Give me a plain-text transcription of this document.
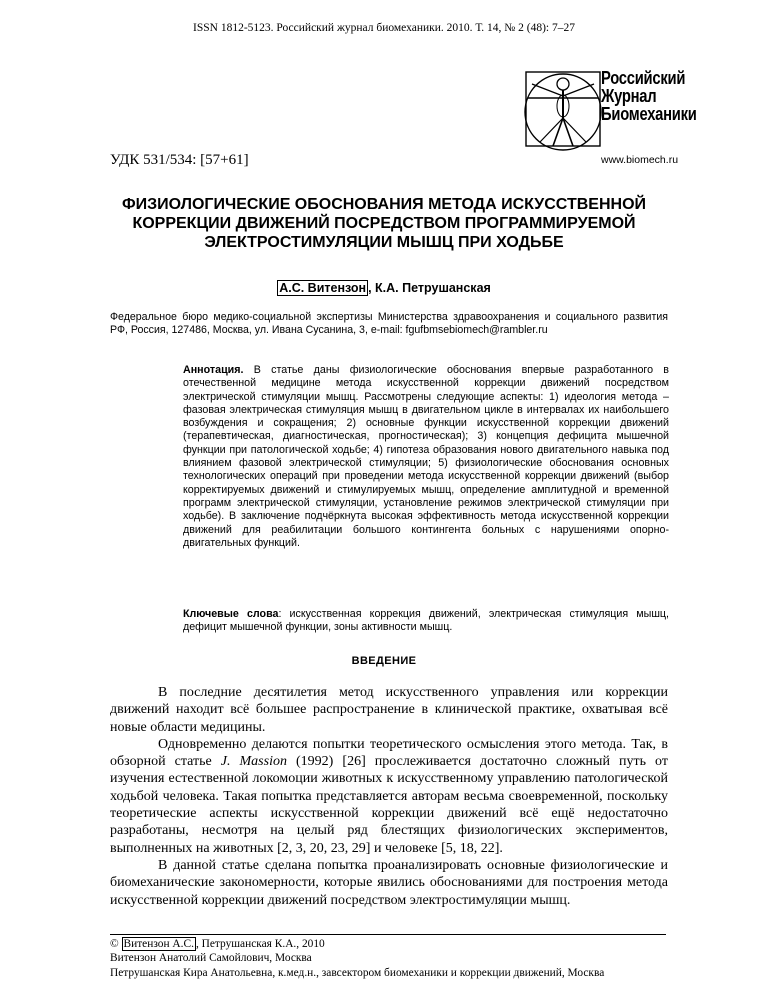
ISSN 1812-5123. Российский журнал биомеханики. 2010. Т. 14, № 2 (48): 7–27
Российский
Журнал
Биомеханики
www.biomech.ru
УДК 531/534: [57+61]
ФИЗИОЛОГИЧЕСКИЕ ОБОСНОВАНИЯ МЕТОДА ИСКУССТВЕННОЙ
КОРРЕКЦИИ ДВИЖЕНИЙ ПОСРЕДСТВОМ ПРОГРАММИРУЕМОЙ
ЭЛЕКТРОСТИМУЛЯЦИИ МЫШЦ ПРИ ХОДЬБЕ
А.С. Витензон , К.А. Петрушанская
Федеральное бюро медико-социальной экспертизы Министерства здравоохранения и социального развития РФ, Россия, 127486, Москва, ул. Ивана Сусанина, 3, e-mail: fgufbmsebiomech@rambler.ru
Аннотация. В статье даны физиологические обоснования впервые разработанного в отечественной медицине метода искусственной коррекции движений посредством электрической стимуляции мышц. Рассмотрены следующие аспекты: 1) идеология метода – фазовая электрическая стимуляция мышц в двигательном цикле в интервалах их наибольшего возбуждения и сокращения; 2) основные функции искусственной коррекции движений (терапевтическая, диагностическая, прогностическая); 3) концепция дефицита мышечной функции при патологической ходьбе; 4) гипотеза образования нового двигательного навыка под влиянием фазовой электрической стимуляции; 5) физиологические обоснования основных технологических операций при проведении метода искусственной коррекции движений (выбор корректируемых движений и стимулируемых мышц, определение амплитудной и временной программ электрической стимуляции, установление режимов электрической стимуляции при ходьбе). В заключение подчёркнута высокая эффективность метода искусственной коррекции движений для реабилитации большого контингента больных с нарушениями опорно-двигательных функций.
Ключевые слова: искусственная коррекция движений, электрическая стимуляция мышц, дефицит мышечной функции, зоны активности мышц.
ВВЕДЕНИЕ

В последние десятилетия метод искусственного управления или коррекции движений находит всё большее распространение в клинической практике, охватывая всё новые области медицины.

Одновременно делаются попытки теоретического осмысления этого метода. Так, в обзорной статье J. Massion (1992) [26] прослеживается достаточно сложный путь от изучения естественной локомоции животных к искусственному управлению патологической ходьбой человека. Такая попытка представляется авторам весьма своевременной, поскольку теоретические аспекты искусственной коррекции движений всё ещё недостаточно разработаны, несмотря на целый ряд блестящих физиологических экспериментов, выполненных на животных [2, 3, 20, 23, 29] и человеке [5, 18, 22].

В данной статье сделана попытка проанализировать основные физиологические и биомеханические закономерности, которые явились обоснованиями для построения метода искусственной коррекции движений посредством электростимуляции мышц.

© Витензон А.С. , Петрушанская К.А., 2010
Витензон Анатолий Самойлович, Москва
Петрушанская Кира Анатольевна, к.мед.н., завсектором биомеханики и коррекции движений, Москва
